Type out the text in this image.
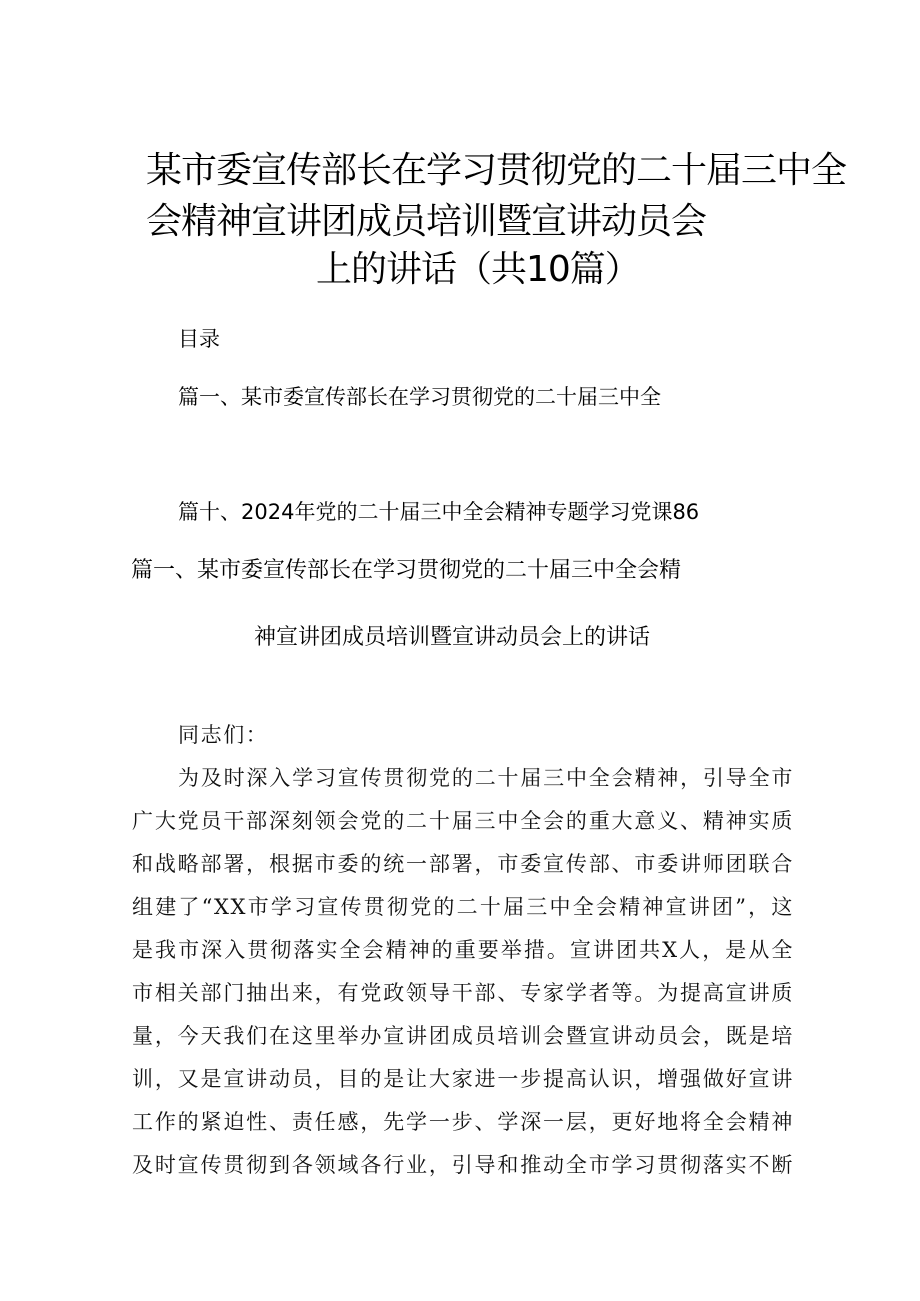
某市委宣传部长在学习贯彻党的二十届三中全
会精神宣讲团成员培训暨宣讲动员会
上的讲话（共10篇）
目录
篇一、某市委宣传部长在学习贯彻党的二十届三中全
篇十、2024年党的二十届三中全会精神专题学习党课86
篇一、某市委宣传部长在学习贯彻党的二十届三中全会精
神宣讲团成员培训暨宣讲动员会上的讲话
同志们：
为及时深入学习宣传贯彻党的二十届三中全会精神，引导全市
广大党员干部深刻领会党的二十届三中全会的重大意义、精神实质
和战略部署，根据市委的统一部署，市委宣传部、市委讲师团联合
组建了“XX市学习宣传贯彻党的二十届三中全会精神宣讲团”，这
是我市深入贯彻落实全会精神的重要举措。宣讲团共X人，是从全
市相关部门抽出来，有党政领导干部、专家学者等。为提高宣讲质
量，今天我们在这里举办宣讲团成员培训会暨宣讲动员会，既是培
训，又是宣讲动员，目的是让大家进一步提高认识，增强做好宣讲
工作的紧迫性、责任感，先学一步、学深一层，更好地将全会精神
及时宣传贯彻到各领域各行业，引导和推动全市学习贯彻落实不断
